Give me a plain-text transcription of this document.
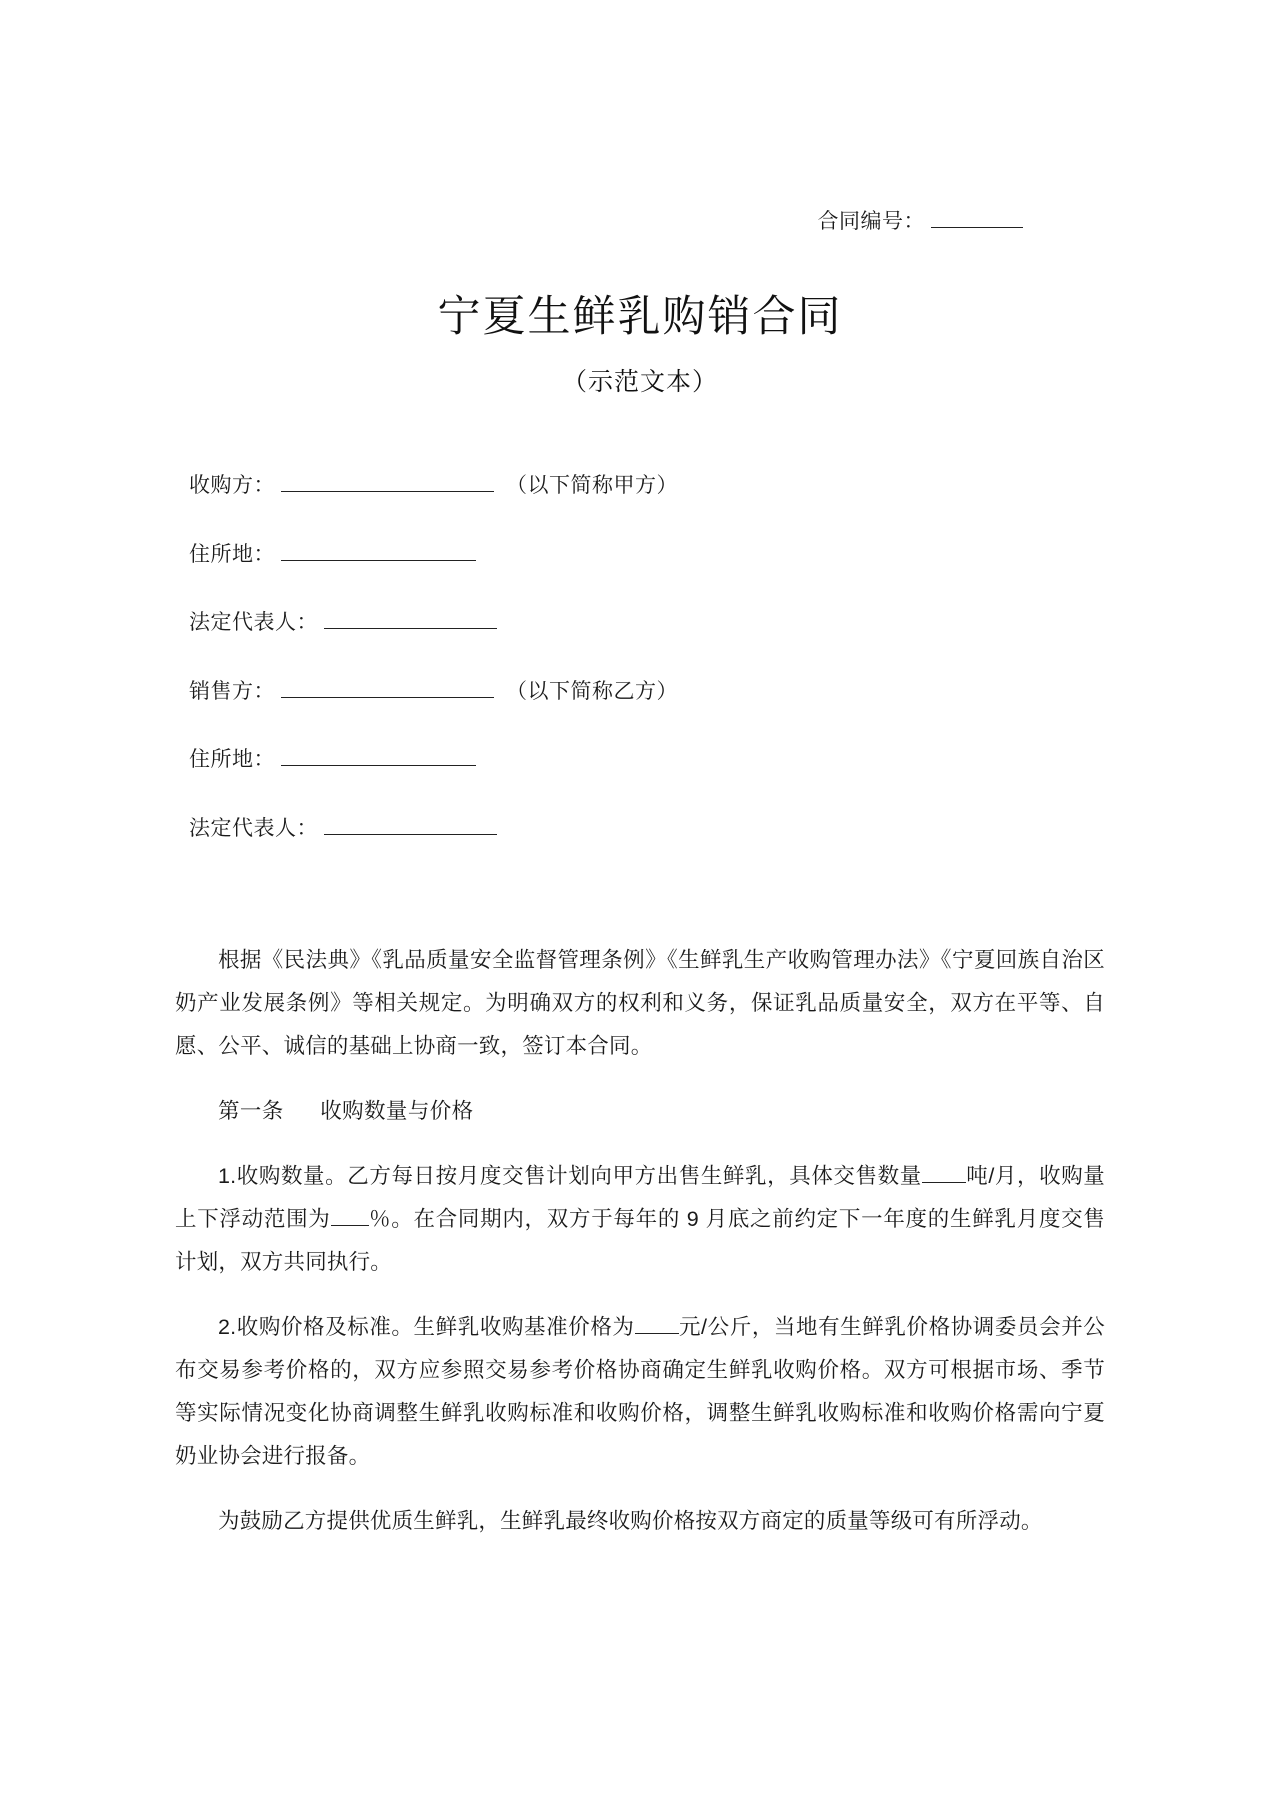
合同编号：
宁夏生鲜乳购销合同
（示范文本）
收购方：	（以下简称甲方）
住所地：
法定代表人：
销售方：	（以下简称乙方）
住所地：
法定代表人：

根据《民法典》《乳品质量安全监督管理条例》《生鲜乳生产收购管理办法》《宁夏回族自治区奶产业发展条例》等相关规定。为明确双方的权利和义务，保证乳品质量安全，双方在平等、自愿、公平、诚信的基础上协商一致，签订本合同。

第一条 收购数量与价格

1.收购数量。乙方每日按月度交售计划向甲方出售生鲜乳，具体交售数量 吨/月，收购量上下浮动范围为 ％。在合同期内，双方于每年的 9 月底之前约定下一年度的生鲜乳月度交售计划，双方共同执行。

2.收购价格及标准。生鲜乳收购基准价格为 元/公斤，当地有生鲜乳价格协调委员会并公布交易参考价格的，双方应参照交易参考价格协商确定生鲜乳收购价格。双方可根据市场、季节等实际情况变化协商调整生鲜乳收购标准和收购价格，调整生鲜乳收购标准和收购价格需向宁夏奶业协会进行报备。

为鼓励乙方提供优质生鲜乳，生鲜乳最终收购价格按双方商定的质量等级可有所浮动。
